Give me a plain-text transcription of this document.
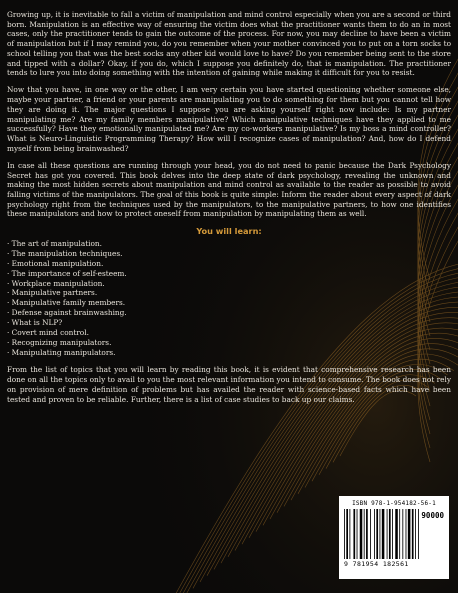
Growing up, it is inevitable to fall a victim of manipulation and mind control especially when you are a second or third born. Manipulation is an effective way of ensuring the victim does what the practitioner wants them to do an in most cases, only the practitioner tends to gain the outcome of the process. For now, you may decline to have been a victim of manipulation but if I may remind you, do you remember when your mother convinced you to put on a torn socks to school telling you that was the best socks any other kid would love to have? Do you remember being sent to the store and tipped with a dollar? Okay, if you do, which I suppose you definitely do, that is manipulation. The practitioner tends to lure you into doing something with the intention of gaining while making it difficult for you to resist.

Now that you have, in one way or the other, I am very certain you have started questioning whether someone else, maybe your partner, a friend or your parents are manipulating you to do something for them but you cannot tell how they are doing it. The major questions I suppose you are asking yourself right now include: Is my partner manipulating me? Are my family members manipulative? Which manipulative techniques have they applied to me successfully? Have they emotionally manipulated me? Are my co-workers manipulative? Is my boss a mind controller? What is Neuro-Linguistic Programming Therapy? How will I recognize cases of manipulation? And, how do I defend myself from being brainwashed?

In case all these questions are running through your head, you do not need to panic because the Dark Psychology Secret has got you covered. This book delves into the deep state of dark psychology, revealing the unknown and making the most hidden secrets about manipulation and mind control as available to the reader as possible to avoid falling victims of the manipulators. The goal of this book is quite simple: Inform the reader about every aspect of dark psychology right from the techniques used by the manipulators, to the manipulative partners, to how one identifies these manipulators and how to protect oneself from manipulation by manipulating them as well.

You will learn:
· The art of manipulation.
· The manipulation techniques.
· Emotional manipulation.
· The importance of self-esteem.
· Workplace manipulation.
· Manipulative partners.
· Manipulative family members.
· Defense against brainwashing.
· What is NLP?
· Covert mind control.
· Recognizing manipulators.
· Manipulating manipulators.

From the list of topics that you will learn by reading this book, it is evident that comprehensive research has been done on all the topics only to avail to you the most relevant information you intend to consume. The book does not rely on provision of mere definition of problems but has availed the reader with science-based facts which have been tested and proven to be reliable. Further, there is a list of case studies to back up our claims.

ISBN 978-1-954182-56-1
90000
9 781954 182561
